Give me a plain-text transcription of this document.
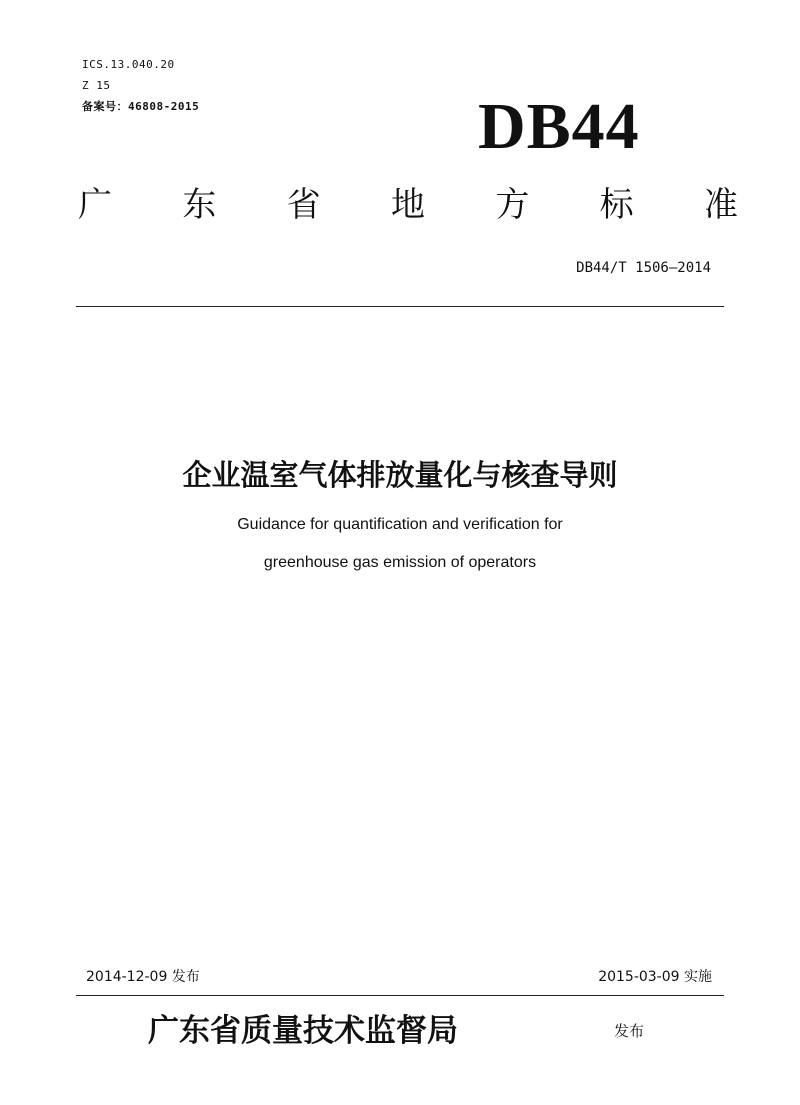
ICS.13.040.20
Z 15
备案号：46808-2015	DB44
广 东 省 地 方 标 准
DB44/T 1506—2014
企业温室气体排放量化与核查导则
Guidance for quantification and verification for
greenhouse gas emission of operators
2014-12-09 发布	2015-03-09 实施
广东省质量技术监督局	发布
